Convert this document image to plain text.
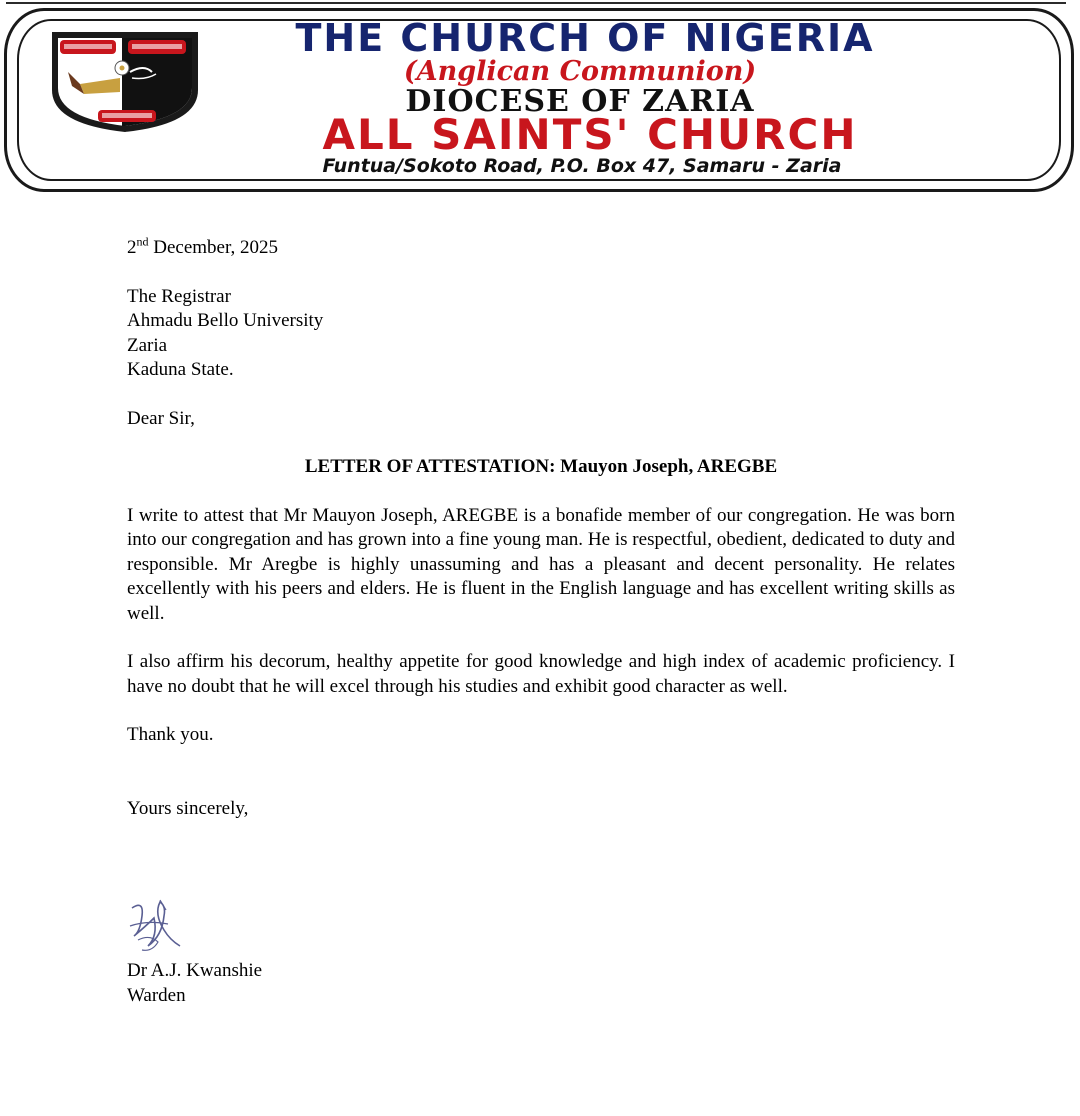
THE CHURCH OF NIGERIA
(Anglican Communion)
DIOCESE OF ZARIA
ALL SAINTS' CHURCH
Funtua/Sokoto Road, P.O. Box 47, Samaru - Zaria
2nd December, 2025
The Registrar
Ahmadu Bello University
Zaria
Kaduna State.
Dear Sir,
LETTER OF ATTESTATION: Mauyon Joseph, AREGBE

I write to attest that Mr Mauyon Joseph, AREGBE is a bonafide member of our congregation. He was born into our congregation and has grown into a fine young man. He is respectful, obedient, dedicated to duty and responsible. Mr Aregbe is highly unassuming and has a pleasant and decent personality. He relates excellently with his peers and elders. He is fluent in the English language and has excellent writing skills as well.

I also affirm his decorum, healthy appetite for good knowledge and high index of academic proficiency. I have no doubt that he will excel through his studies and exhibit good character as well.

Thank you.
Yours sincerely,
Dr A.J. Kwanshie
Warden
